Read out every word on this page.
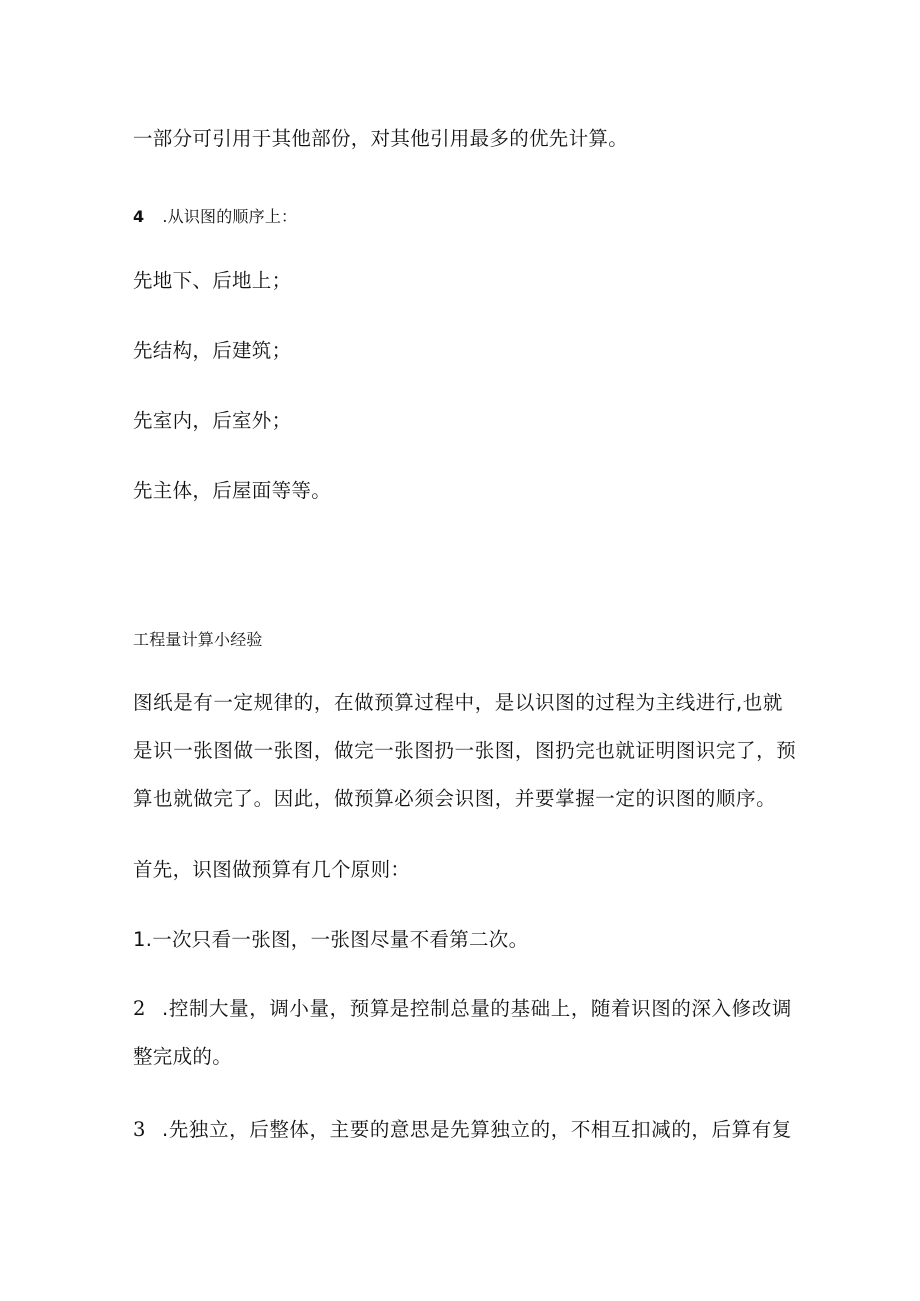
一部分可引用于其他部份，对其他引用最多的优先计算。
4 .从识图的顺序上：
先地下、后地上；
先结构，后建筑；
先室内，后室外；
先主体，后屋面等等。
工程量计算小经验
图纸是有一定规律的，在做预算过程中，是以识图的过程为主线进行,也就
是识一张图做一张图，做完一张图扔一张图，图扔完也就证明图识完了，预
算也就做完了。因此，做预算必须会识图，并要掌握一定的识图的顺序。
首先，识图做预算有几个原则：
1.一次只看一张图，一张图尽量不看第二次。
2 .控制大量，调小量，预算是控制总量的基础上，随着识图的深入修改调
整完成的。
3 .先独立，后整体，主要的意思是先算独立的，不相互扣减的，后算有复
